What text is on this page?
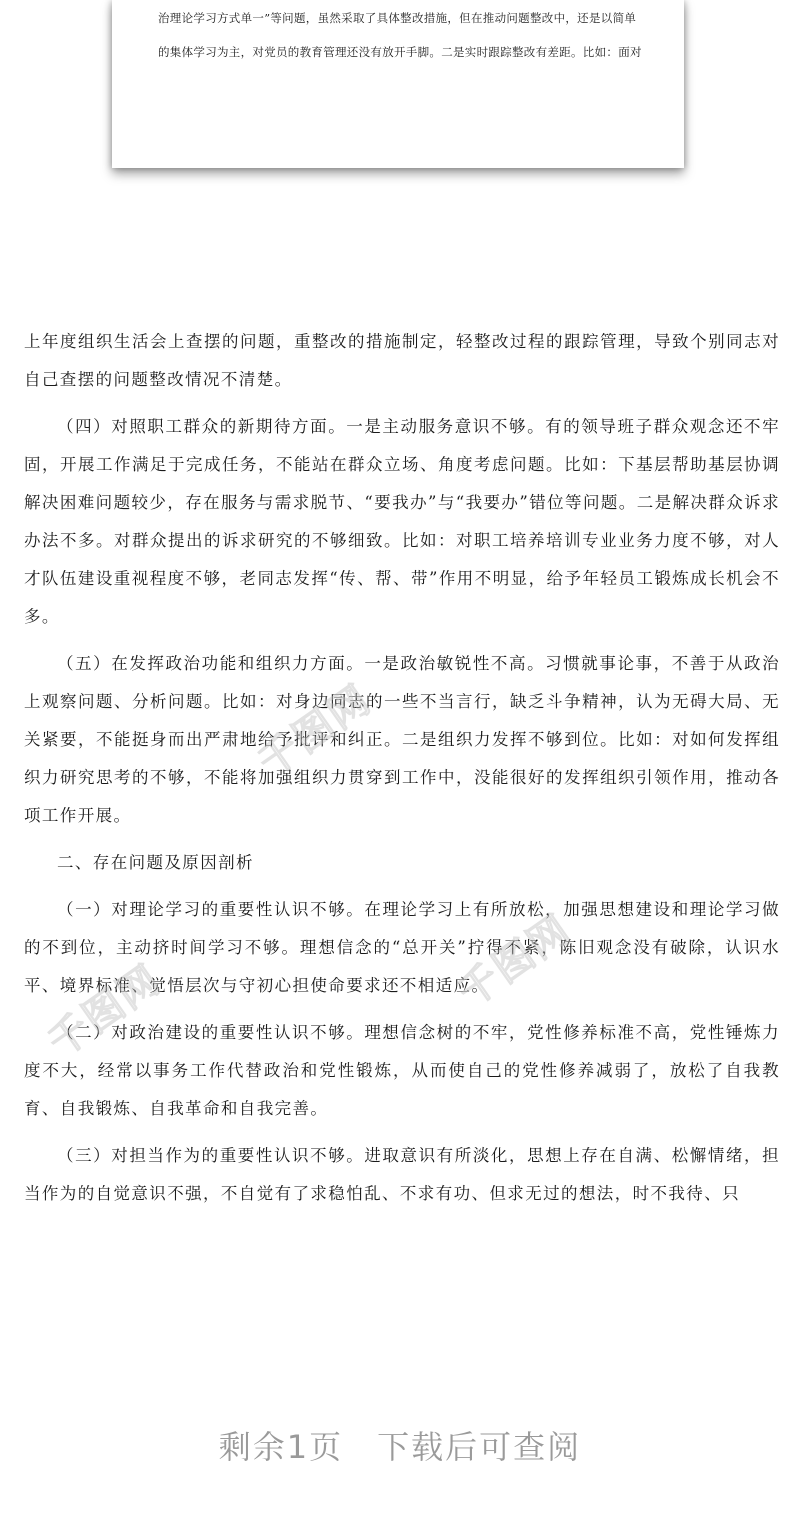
治理论学习方式单一”等问题，虽然采取了具体整改措施，但在推动问题整改中，还是以简单
的集体学习为主，对党员的教育管理还没有放开手脚。二是实时跟踪整改有差距。比如：面对

上年度组织生活会上查摆的问题，重整改的措施制定，轻整改过程的跟踪管理，导致个别同志对自己查摆的问题整改情况不清楚。

（四）对照职工群众的新期待方面。一是主动服务意识不够。有的领导班子群众观念还不牢固，开展工作满足于完成任务，不能站在群众立场、角度考虑问题。比如：下基层帮助基层协调解决困难问题较少，存在服务与需求脱节、“要我办”与“我要办”错位等问题。二是解决群众诉求办法不多。对群众提出的诉求研究的不够细致。比如：对职工培养培训专业业务力度不够，对人才队伍建设重视程度不够，老同志发挥“传、帮、带”作用不明显，给予年轻员工锻炼成长机会不多。

（五）在发挥政治功能和组织力方面。一是政治敏锐性不高。习惯就事论事，不善于从政治上观察问题、分析问题。比如：对身边同志的一些不当言行，缺乏斗争精神，认为无碍大局、无关紧要，不能挺身而出严肃地给予批评和纠正。二是组织力发挥不够到位。比如：对如何发挥组织力研究思考的不够，不能将加强组织力贯穿到工作中，没能很好的发挥组织引领作用，推动各项工作开展。

二、存在问题及原因剖析

（一）对理论学习的重要性认识不够。在理论学习上有所放松，加强思想建设和理论学习做的不到位，主动挤时间学习不够。理想信念的“总开关”拧得不紧，陈旧观念没有破除，认识水平、境界标准、觉悟层次与守初心担使命要求还不相适应。

（二）对政治建设的重要性认识不够。理想信念树的不牢，党性修养标准不高，党性锤炼力度不大，经常以事务工作代替政治和党性锻炼，从而使自己的党性修养减弱了，放松了自我教育、自我锻炼、自我革命和自我完善。

（三）对担当作为的重要性认识不够。进取意识有所淡化，思想上存在自满、松懈情绪，担当作为的自觉意识不强，不自觉有了求稳怕乱、不求有功、但求无过的想法，时不我待、只

千图网
千图网
千图网
剩余1页 下载后可查阅
